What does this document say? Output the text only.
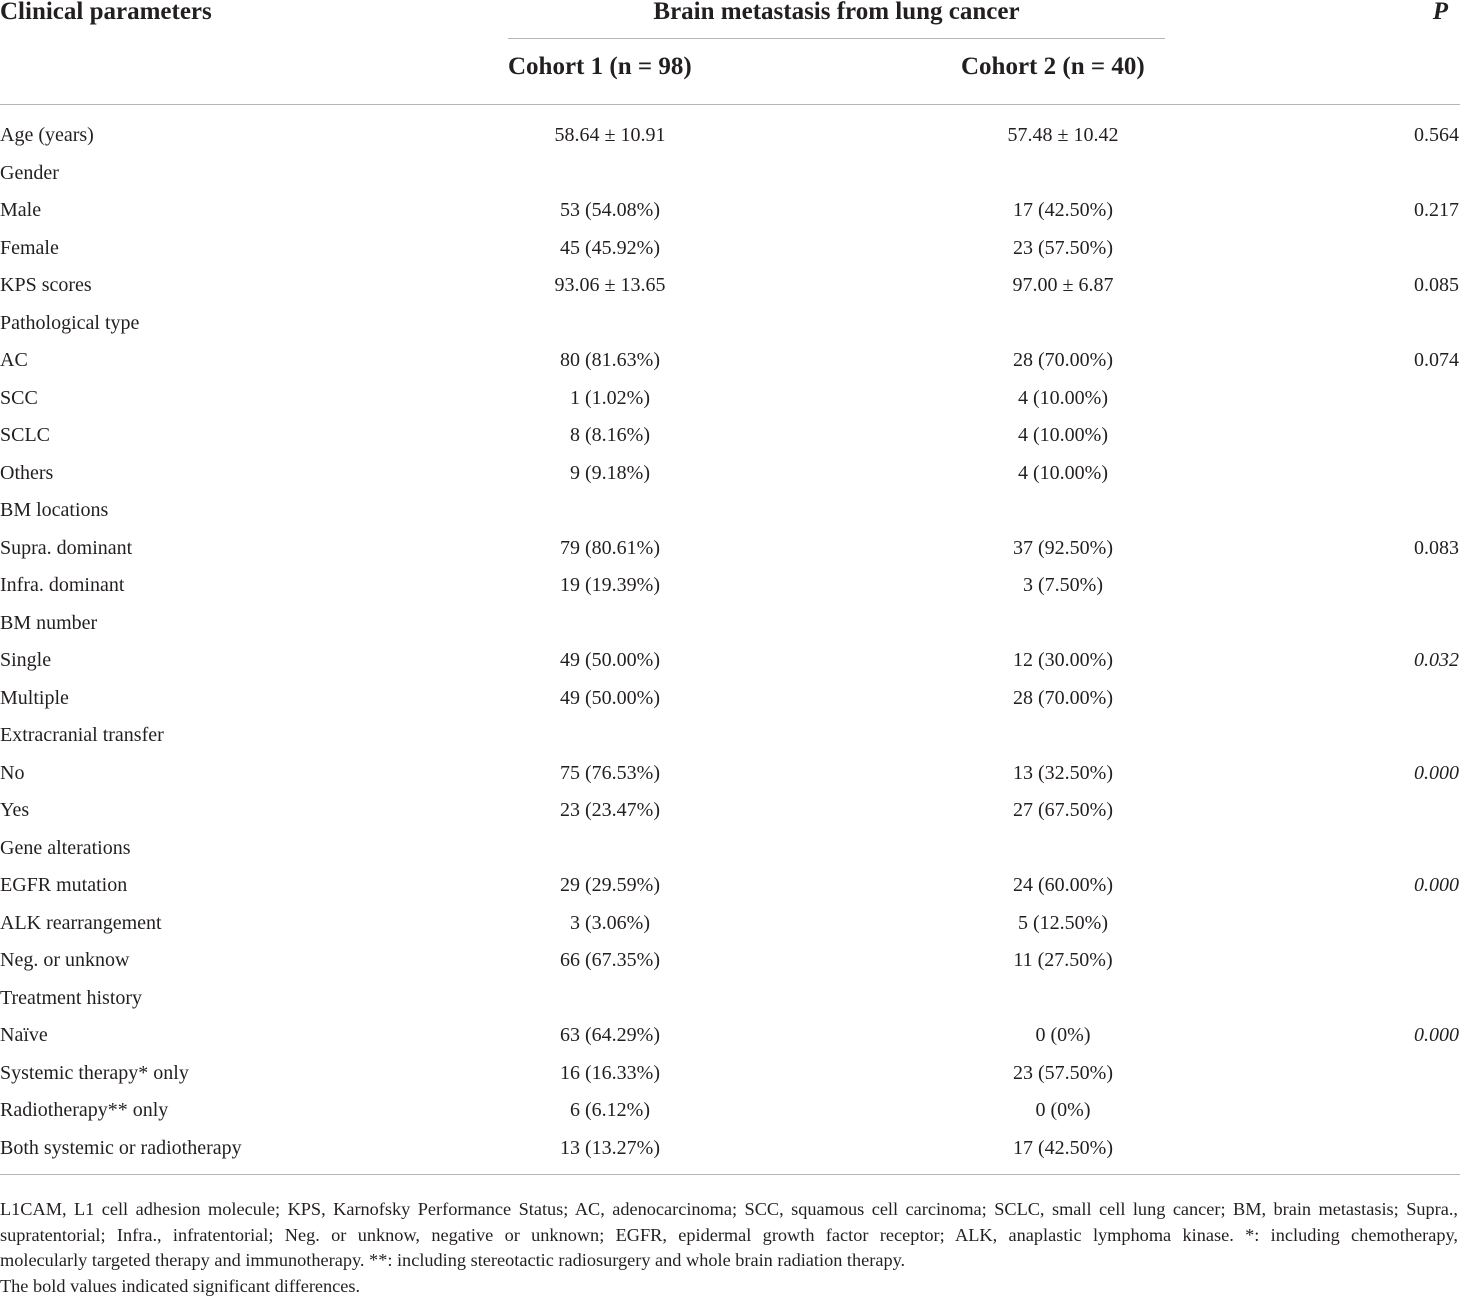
Clinical parameters	Brain metastasis from lung cancer	P
Cohort 1 (n = 98)	Cohort 2 (n = 40)
Age (years)	58.64 ± 10.91	57.48 ± 10.42	0.564
Gender
Male	53 (54.08%)	17 (42.50%)	0.217
Female	45 (45.92%)	23 (57.50%)
KPS scores	93.06 ± 13.65	97.00 ± 6.87	0.085
Pathological type
AC	80 (81.63%)	28 (70.00%)	0.074
SCC	1 (1.02%)	4 (10.00%)
SCLC	8 (8.16%)	4 (10.00%)
Others	9 (9.18%)	4 (10.00%)
BM locations
Supra. dominant	79 (80.61%)	37 (92.50%)	0.083
Infra. dominant	19 (19.39%)	3 (7.50%)
BM number
Single	49 (50.00%)	12 (30.00%)	0.032
Multiple	49 (50.00%)	28 (70.00%)
Extracranial transfer
No	75 (76.53%)	13 (32.50%)	0.000
Yes	23 (23.47%)	27 (67.50%)
Gene alterations
EGFR mutation	29 (29.59%)	24 (60.00%)	0.000
ALK rearrangement	3 (3.06%)	5 (12.50%)
Neg. or unknow	66 (67.35%)	11 (27.50%)
Treatment history
Naïve	63 (64.29%)	0 (0%)	0.000
Systemic therapy* only	16 (16.33%)	23 (57.50%)
Radiotherapy** only	6 (6.12%)	0 (0%)
Both systemic or radiotherapy	13 (13.27%)	17 (42.50%)
L1CAM, L1 cell adhesion molecule; KPS, Karnofsky Performance Status; AC, adenocarcinoma; SCC, squamous cell carcinoma; SCLC, small cell lung cancer; BM, brain metastasis; Supra.,
supratentorial; Infra., infratentorial; Neg. or unknow, negative or unknown; EGFR, epidermal growth factor receptor; ALK, anaplastic lymphoma kinase. *: including chemotherapy,
molecularly targeted therapy and immunotherapy. **: including stereotactic radiosurgery and whole brain radiation therapy.
The bold values indicated significant differences.
